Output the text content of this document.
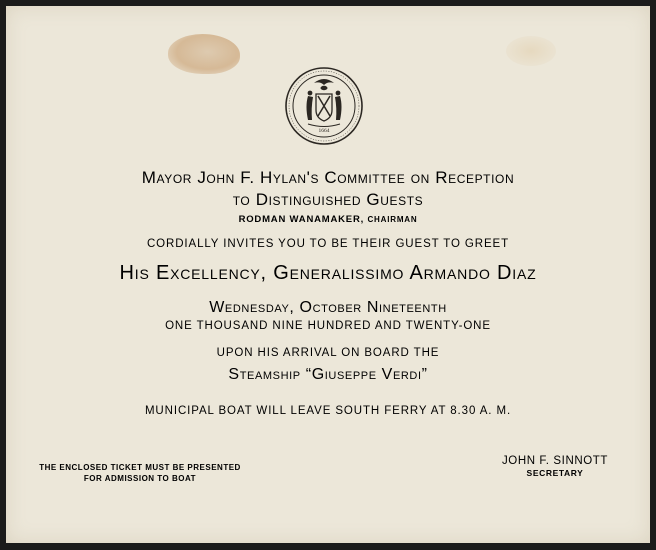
1664
Mayor John F. Hylan's Committee on Reception
to Distinguished Guests
RODMAN WANAMAKER, CHAIRMAN
CORDIALLY INVITES YOU TO BE THEIR GUEST TO GREET
His Excellency, Generalissimo Armando Diaz
Wednesday, October Nineteenth
ONE THOUSAND NINE HUNDRED AND TWENTY-ONE
UPON HIS ARRIVAL ON BOARD THE
Steamship “Giuseppe Verdi”
MUNICIPAL BOAT WILL LEAVE SOUTH FERRY AT 8.30 A. M.
THE ENCLOSED TICKET MUST BE PRESENTED
FOR ADMISSION TO BOAT
JOHN F. SINNOTT
SECRETARY
